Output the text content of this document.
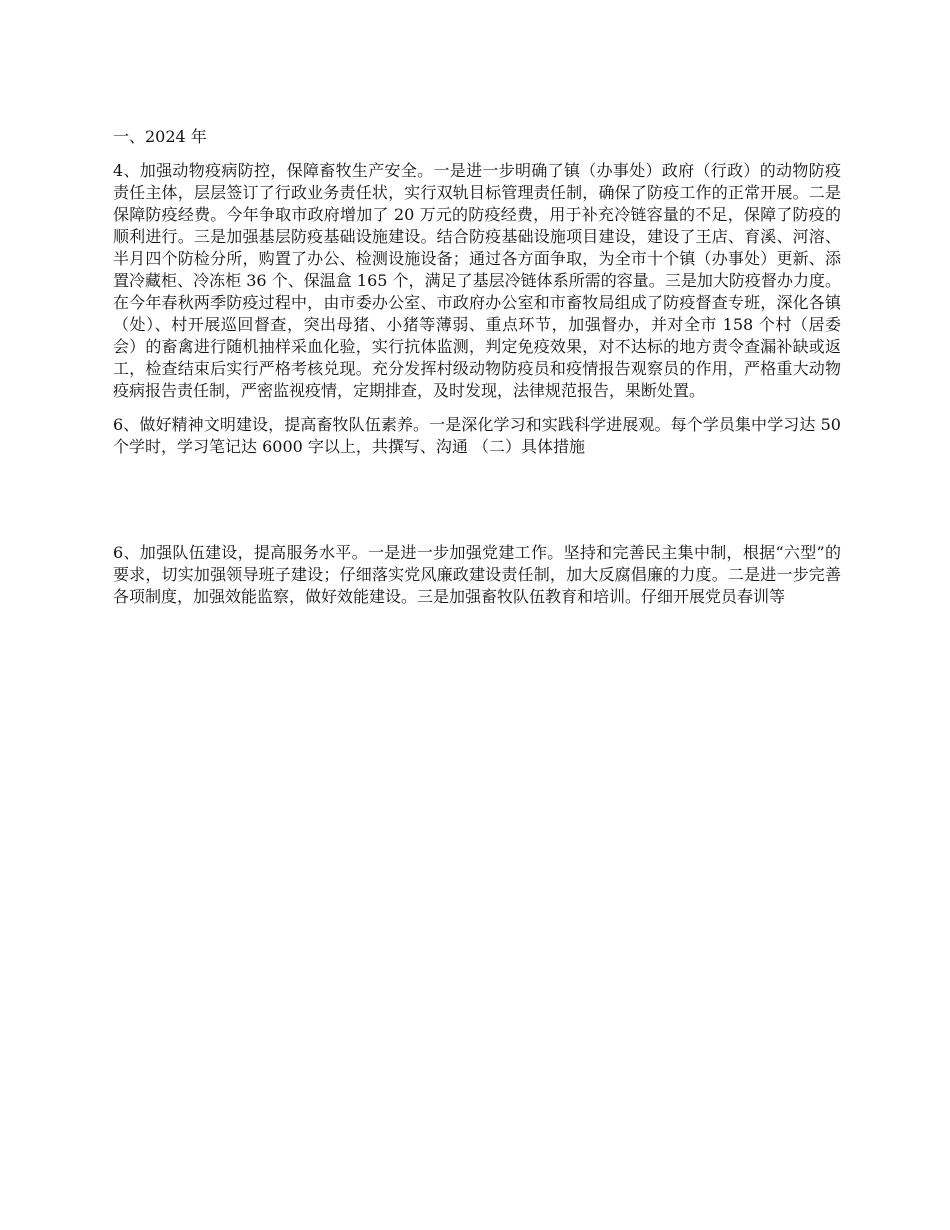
一、2024 年

4、加强动物疫病防控，保障畜牧生产安全。一是进一步明确了镇（办事处）政府（行政）的动物防疫责任主体，层层签订了行政业务责任状，实行双轨目标管理责任制，确保了防疫工作的正常开展。二是保障防疫经费。今年争取市政府增加了 20 万元的防疫经费，用于补充冷链容量的不足，保障了防疫的顺利进行。三是加强基层防疫基础设施建设。结合防疫基础设施项目建设，建设了王店、育溪、河溶、半月四个防检分所，购置了办公、检测设施设备；通过各方面争取，为全市十个镇（办事处）更新、添置冷藏柜、冷冻柜 36 个、保温盒 165 个，满足了基层冷链体系所需的容量。三是加大防疫督办力度。在今年春秋两季防疫过程中，由市委办公室、市政府办公室和市畜牧局组成了防疫督查专班，深化各镇（处）、村开展巡回督查，突出母猪、小猪等薄弱、重点环节，加强督办，并对全市 158 个村（居委会）的畜禽进行随机抽样采血化验，实行抗体监测，判定免疫效果，对不达标的地方责令查漏补缺或返工，检查结束后实行严格考核兑现。充分发挥村级动物防疫员和疫情报告观察员的作用，严格重大动物疫病报告责任制，严密监视疫情，定期排查，及时发现，法律规范报告，果断处置。

6、做好精神文明建设，提高畜牧队伍素养。一是深化学习和实践科学进展观。每个学员集中学习达 50 个学时，学习笔记达 6000 字以上，共撰写、沟通 （二）具体措施

6、加强队伍建设，提高服务水平。一是进一步加强党建工作。坚持和完善民主集中制，根据“六型”的要求，切实加强领导班子建设；仔细落实党风廉政建设责任制，加大反腐倡廉的力度。二是进一步完善各项制度，加强效能监察，做好效能建设。三是加强畜牧队伍教育和培训。仔细开展党员春训等
